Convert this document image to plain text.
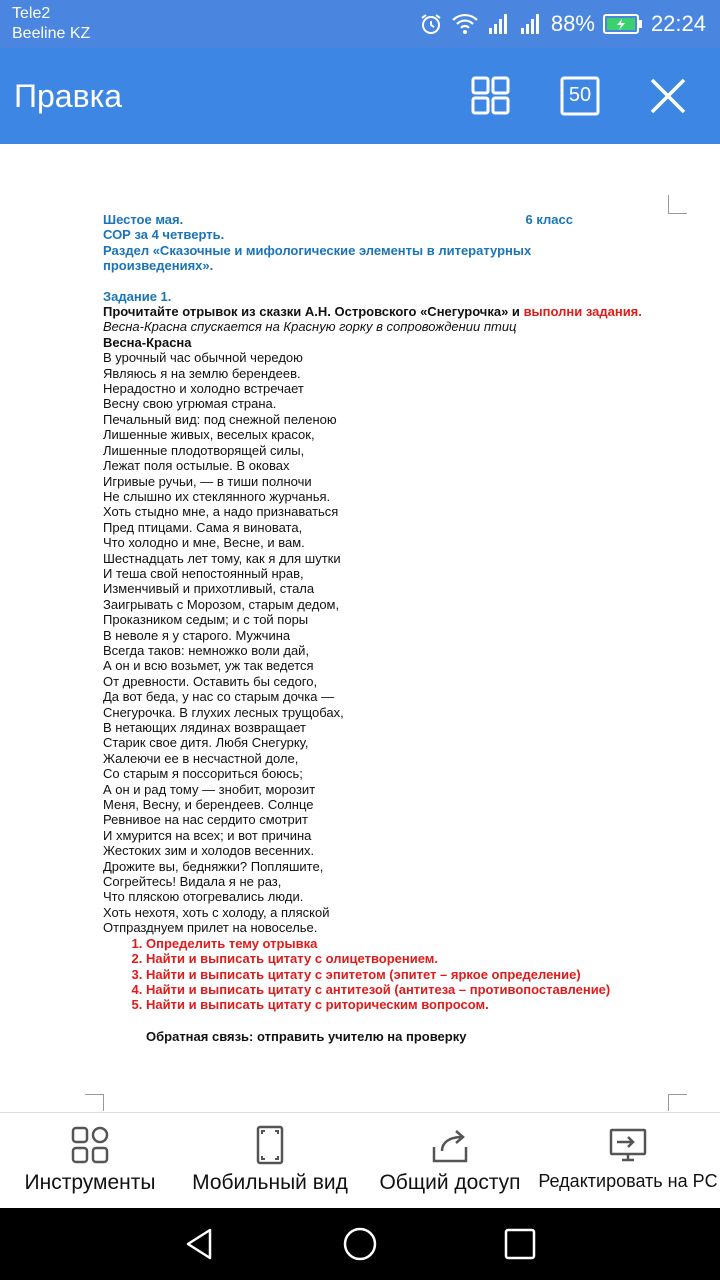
Tele2
Beeline KZ	88%	22:24
Правка	50
Шестое мая.	6 класс
СОР за 4 четверть.
Раздел «Сказочные и мифологические элементы в литературных
произведениях».
Задание 1.
Прочитайте отрывок из сказки А.Н. Островского «Снегурочка» и выполни задания.
Весна-Красна спускается на Красную горку в сопровождении птиц
Весна-Красна
В урочный час обычной чередою
Являюсь я на землю берендеев.
Нерадостно и холодно встречает
Весну свою угрюмая страна.
Печальный вид: под снежной пеленою
Лишенные живых, веселых красок,
Лишенные плодотворящей силы,
Лежат поля остылые. В оковах
Игривые ручьи, — в тиши полночи
Не слышно их стеклянного журчанья.
Хоть стыдно мне, а надо признаваться
Пред птицами. Сама я виновата,
Что холодно и мне, Весне, и вам.
Шестнадцать лет тому, как я для шутки
И теша свой непостоянный нрав,
Изменчивый и прихотливый, стала
Заигрывать с Морозом, старым дедом,
Проказником седым; и с той поры
В неволе я у старого. Мужчина
Всегда таков: немножко воли дай,
А он и всю возьмет, уж так ведется
От древности. Оставить бы седого,
Да вот беда, у нас со старым дочка —
Снегурочка. В глухих лесных трущобах,
В нетающих лядинах возвращает
Старик свое дитя. Любя Снегурку,
Жалеючи ее в несчастной доле,
Со старым я поссориться боюсь;
А он и рад тому — знобит, морозит
Меня, Весну, и берендеев. Солнце
Ревнивое на нас сердито смотрит
И хмурится на всех; и вот причина
Жестоких зим и холодов весенних.
Дрожите вы, бедняжки? Попляшите,
Согрейтесь! Видала я не раз,
Что пляскою отогревались люди.
Хоть нехотя, хоть с холоду, а пляской
Отпразднуем прилет на новоселье.
1. Определить тему отрывка
2. Найти и выписать цитату с олицетворением.
3. Найти и выписать цитату с эпитетом (эпитет – яркое определение)
4. Найти и выписать цитату с антитезой (антитеза – противопоставление)
5. Найти и выписать цитату с риторическим вопросом.
Обратная связь: отправить учителю на проверку
Инструменты	Мобильный вид	Общий доступ Редактировать на PC
